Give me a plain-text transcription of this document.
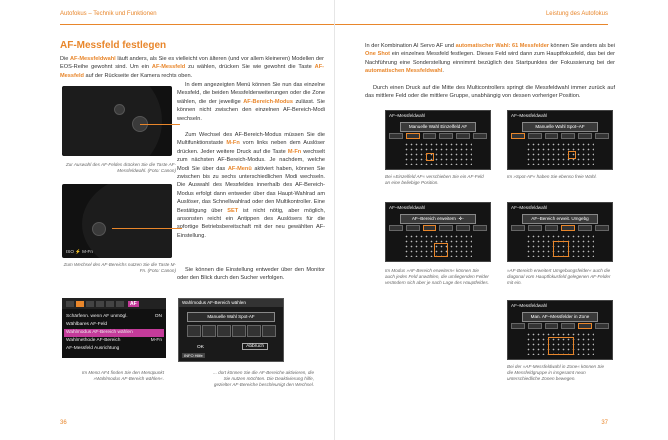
Autofokus – Technik und Funktionen
AF-Messfeld festlegen

Die AF-Messfeldwahl läuft anders, als Sie es vielleicht von älteren (und vor allem kleineren) Modellen der EOS-Reihe gewohnt sind. Um ein AF-Messfeld zu wählen, drücken Sie wie gewohnt die Taste AF-Messfeld auf der Rückseite der Kamera rechts oben.

Zur Auswahl des AF-Feldes drücken Sie die Taste AF-Messfeldwahl. (Foto: Canon)

ISO ⚡ M-Fn

Zum Wechsel des AF-Bereichs nutzen Sie die Taste M-Fn. (Foto: Canon)

In dem angezeigten Menü können Sie nun das einzelne Messfeld, die beiden Messfelderweiterungen oder die Zone wählen, die der jeweilige AF-Bereich-Modus zulässt. Sie können nicht zwischen den einzelnen AF-Bereich-Modi wechseln.

Zum Wechsel des AF-Bereich-Modus müssen Sie die Multifunktionstaste M-Fn vorn links neben dem Auslöser drücken. Jeder weitere Druck auf die Taste M-Fn wechselt zum nächsten AF-Bereich-Modus. Je nachdem, welche Modi Sie über das AF-Menü aktiviert haben, können Sie zwischen bis zu sechs unterschiedlichen Modi wechseln. Die Auswahl des Messfeldes innerhalb des AF-Bereich-Modus erfolgt dann entweder über das Haupt-Wahlrad am Auslöser, das Schnellwahlrad oder den Multikontroller. Eine Bestätigung über SET ist nicht nötig, aber möglich, ansonsten reicht ein Antippen des Auslösers für die sofortige Betriebsbereitschaft mit der neu gewählten AF-Einstellung.

Sie können die Einstellung entweder über den Monitor oder den Blick durch den Sucher verfolgen.

AF
Schärfenn. wenn AF unmögl.	ON
Wählbares AF-Feld
Wahlmodus AF-Bereich wählen
Wahlmethode AF-Bereich	M-Fn
AF-Messfeld Ausrichtung

Im Menü AF4 finden Sie den Menüpunkt »Wahlmodus AF-Bereich wählen«.

Wahlmodus AF-Bereich wählen
Manuelle Wahl Spot-AF
OK	Abbruch
INFO Hilfe

... dort können Sie die AF-Bereiche aktivieren, die Sie nutzen möchten. Die Deaktivierung hilfe, gezielter AF-Bereiche beschleunigt den Wechsel.

36
Leistung des Autofokus

In der Kombination AI Servo AF und automatischer Wahl: 61 Messfelder können Sie anders als bei One Shot ein einzelnes Messfeld festlegen. Dieses Feld wird dann zum Hauptfokusfeld, das bei der Nachführung eine Sonderstellung einnimmt bezüglich des Startpunktes der Fokussierung bei der automatischen Messfeldwahl.

Durch einen Druck auf die Mitte des Multicontrollers springt die Messfeldwahl immer zurück auf das mittlere Feld oder die mittlere Gruppe, unabhängig von dessen vorheriger Position.

AF–Messfeldwahl
Manuelle Wahl Einzelfeld AF

Bei »Einzelfeld AF« verschieben Sie ein AF-Feld an eine beliebige Position.

AF–Messfeldwahl
Manuelle Wahl Spot–AF

Im »Spot-AF« haben Sie ebenso freie Wahl.

AF–Messfeldwahl
AF–Bereich erweitern ·✣·

Im Modus »AF-Bereich erweitern« können Sie auch jedes Feld anwählen, die umliegenden Felder verändern sich aber je nach Lage des Hauptfeldes.

AF–Messfeldwahl
AF–Bereich erweit. Umgebg

»AF-Bereich erweitert Umgebungsfelder« auch die diagonal vom Hauptfokusfeld gelegenen AF-Felder mit ein.

AF–Messfeldwahl
Man. AF–Messfelder in Zone

Bei der »AF-Messfeldwahl in Zone« können Sie die Messfeldgruppe in insgesamt neun unterschiedliche Zonen bewegen.

37
